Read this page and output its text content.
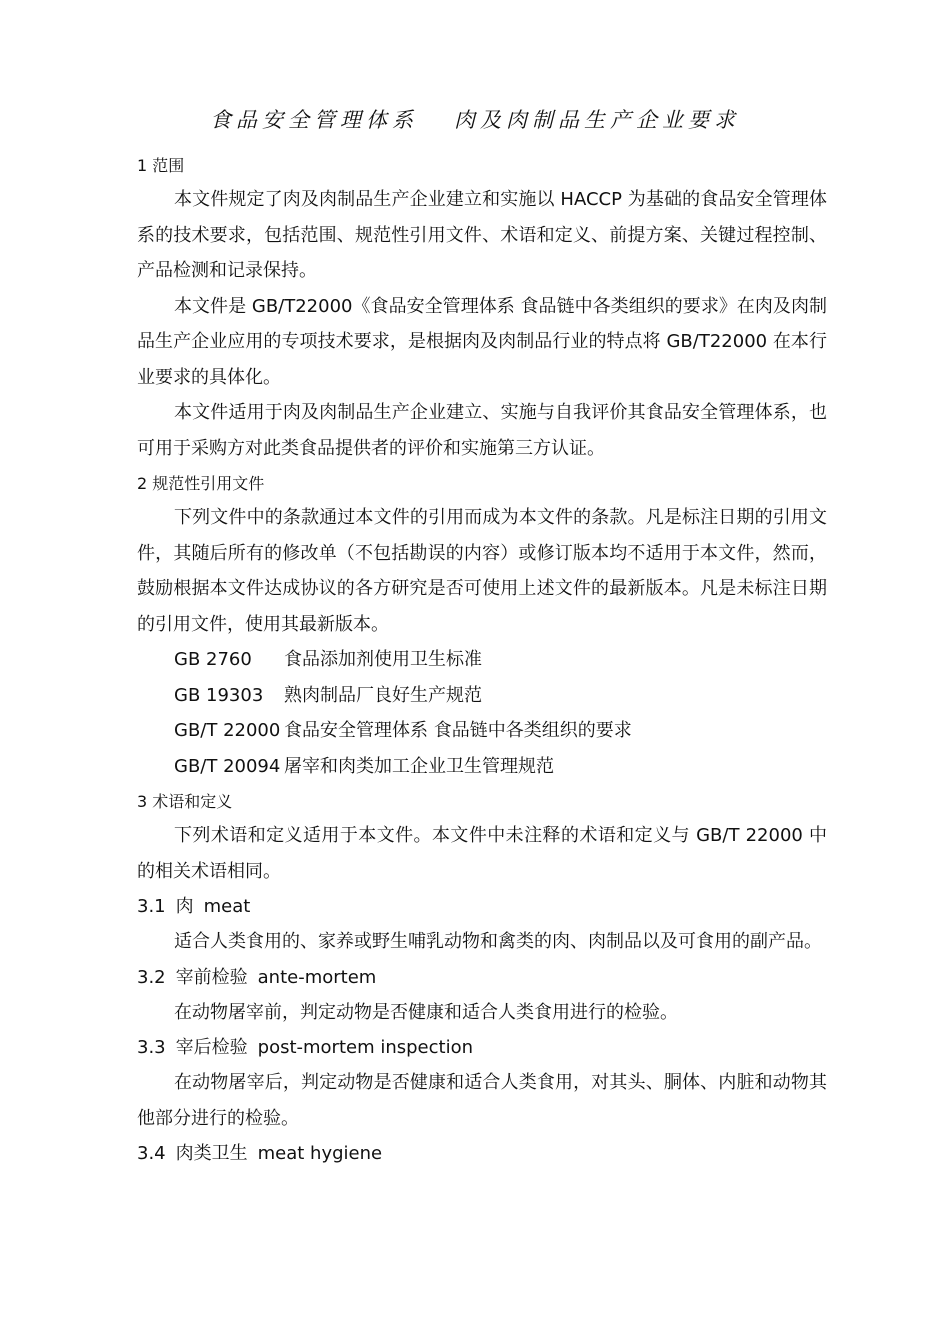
食品安全管理体系 肉及肉制品生产企业要求
1 范围
本文件规定了肉及肉制品生产企业建立和实施以 HACCP 为基础的食品安全管理体系的技术要求，包括范围、规范性引用文件、术语和定义、前提方案、关键过程控制、产品检测和记录保持。
本文件是 GB/T22000《食品安全管理体系 食品链中各类组织的要求》在肉及肉制品生产企业应用的专项技术要求，是根据肉及肉制品行业的特点将 GB/T22000 在本行业要求的具体化。
本文件适用于肉及肉制品生产企业建立、实施与自我评价其食品安全管理体系，也可用于采购方对此类食品提供者的评价和实施第三方认证。
2 规范性引用文件
下列文件中的条款通过本文件的引用而成为本文件的条款。凡是标注日期的引用文件，其随后所有的修改单（不包括勘误的内容）或修订版本均不适用于本文件，然而，鼓励根据本文件达成协议的各方研究是否可使用上述文件的最新版本。凡是未标注日期的引用文件，使用其最新版本。
GB 2760 食品添加剂使用卫生标准
GB 19303 熟肉制品厂良好生产规范
GB/T 22000 食品安全管理体系 食品链中各类组织的要求
GB/T 20094 屠宰和肉类加工企业卫生管理规范
3 术语和定义
下列术语和定义适用于本文件。本文件中未注释的术语和定义与 GB/T 22000 中的相关术语相同。
3.1 肉 meat
适合人类食用的、家养或野生哺乳动物和禽类的肉、肉制品以及可食用的副产品。
3.2 宰前检验 ante-mortem
在动物屠宰前，判定动物是否健康和适合人类食用进行的检验。
3.3 宰后检验 post-mortem inspection
在动物屠宰后，判定动物是否健康和适合人类食用，对其头、胴体、内脏和动物其他部分进行的检验。
3.4 肉类卫生 meat hygiene
